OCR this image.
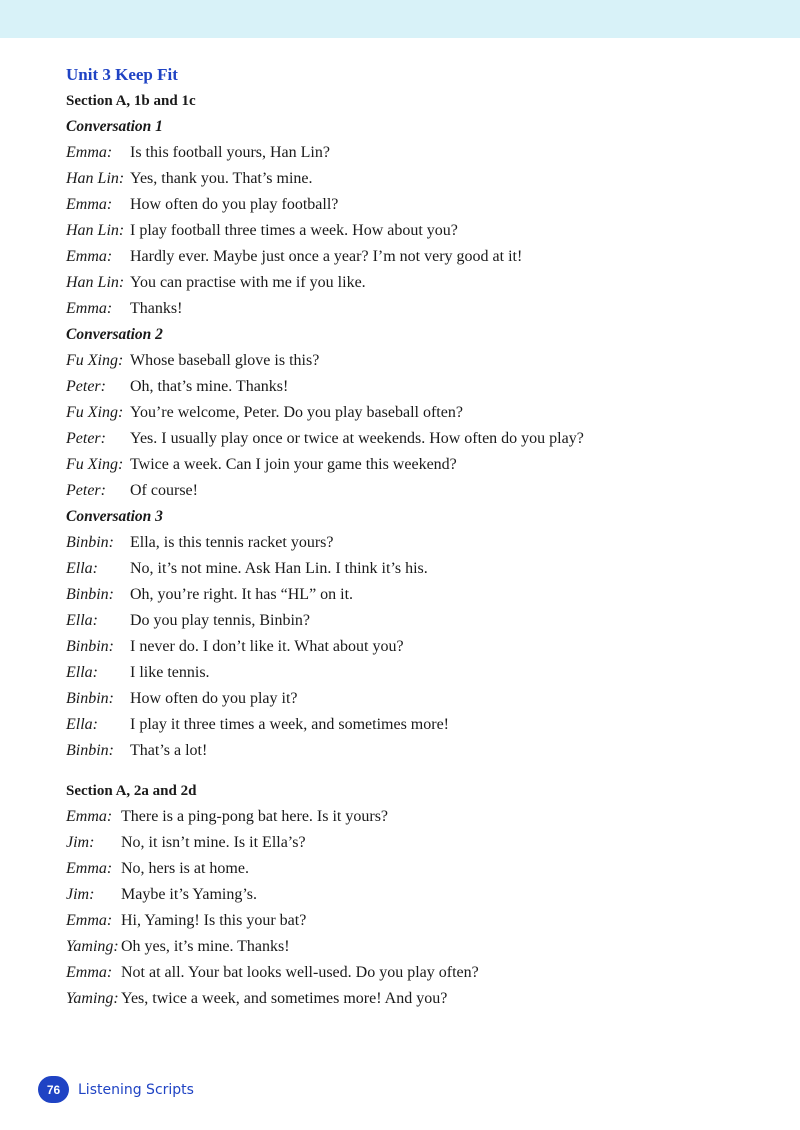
Unit 3 Keep Fit
Section A, 1b and 1c
Conversation 1
Emma:	Is this football yours, Han Lin?
Han Lin: Yes, thank you. That’s mine.
Emma:	How often do you play football?
Han Lin: I play football three times a week. How about you?
Emma:	Hardly ever. Maybe just once a year? I’m not very good at it!
Han Lin: You can practise with me if you like.
Emma:	Thanks!
Conversation 2
Fu Xing: Whose baseball glove is this?
Peter:	Oh, that’s mine. Thanks!
Fu Xing: You’re welcome, Peter. Do you play baseball often?
Peter:	Yes. I usually play once or twice at weekends. How often do you play?
Fu Xing: Twice a week. Can I join your game this weekend?
Peter:	Of course!
Conversation 3
Binbin:	Ella, is this tennis racket yours?
Ella:	No, it’s not mine. Ask Han Lin. I think it’s his.
Binbin:	Oh, you’re right. It has “HL” on it.
Ella:	Do you play tennis, Binbin?
Binbin:	I never do. I don’t like it. What about you?
Ella:	I like tennis.
Binbin:	How often do you play it?
Ella:	I play it three times a week, and sometimes more!
Binbin:	That’s a lot!
Section A, 2a and 2d
Emma: There is a ping-pong bat here. Is it yours?
Jim:	No, it isn’t mine. Is it Ella’s?
Emma: No, hers is at home.
Jim:	Maybe it’s Yaming’s.
Emma: Hi, Yaming! Is this your bat?
Yaming: Oh yes, it’s mine. Thanks!
Emma: Not at all. Your bat looks well-used. Do you play often?
Yaming: Yes, twice a week, and sometimes more! And you?
76	Listening Scripts
